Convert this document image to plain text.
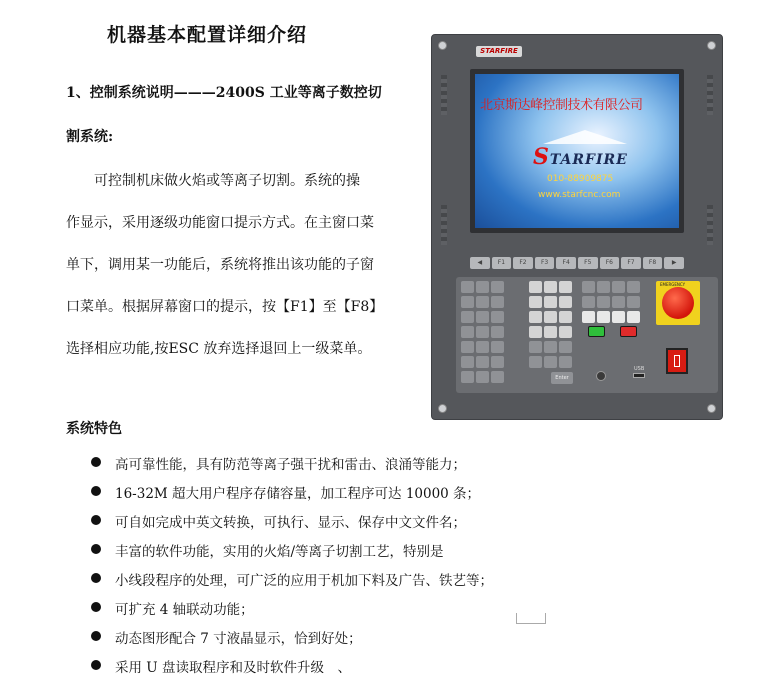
机器基本配置详细介绍
1、控制系统说明———2400S 工业等离子数控切
割系统:
　　可控制机床做火焰或等离子切割。系统的操
作显示，采用逐级功能窗口提示方式。在主窗口菜
单下，调用某一功能后，系统将推出该功能的子窗
口菜单。根据屏幕窗口的提示，按【F1】至【F8】
选择相应功能,按ESC 放弃选择退回上一级菜单。
系统特色
高可靠性能，具有防范等离子强干扰和雷击、浪涌等能力；
16-32M 超大用户程序存储容量，加工程序可达 10000 条；
可自如完成中英文转换，可执行、显示、保存中文文件名；
丰富的软件功能，实用的火焰/等离子切割工艺，特别是
小线段程序的处理，可广泛的应用于机加下料及广告、铁艺等；
可扩充 4 轴联动功能；
动态图形配合 7 寸液晶显示，恰到好处；
采用 U 盘读取程序和及时软件升级　、
STARFIRE
北京斯达峰控制技术有限公司
STARFIRE
010-88909875
www.starfcnc.com
◀	F1	F2	F3	F4	F5	F6	F7	F8	▶
Enter
USB
EMERGENCY
